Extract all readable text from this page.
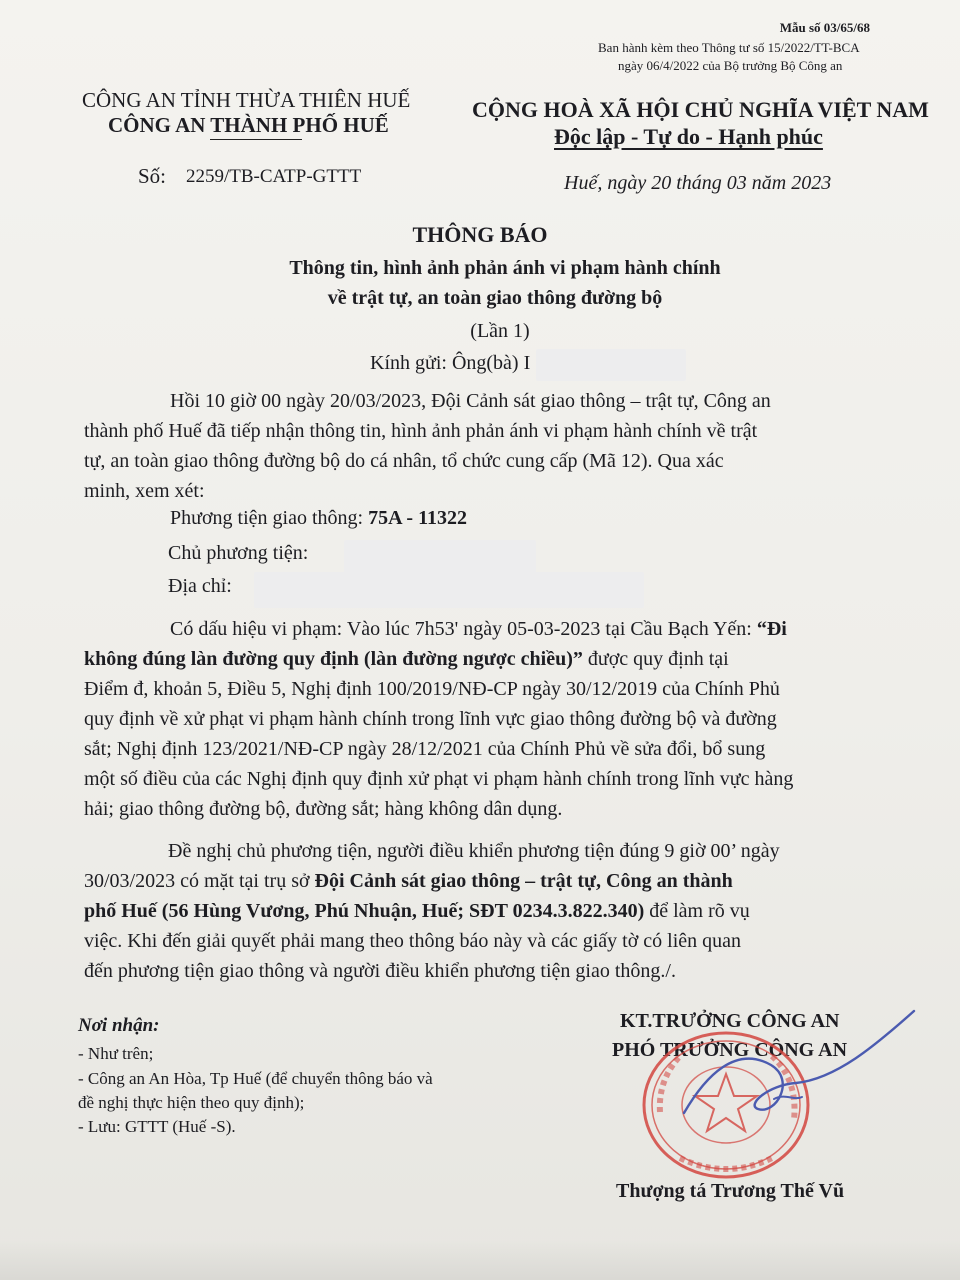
Mẫu số 03/65/68
Ban hành kèm theo Thông tư số 15/2022/TT-BCA
ngày 06/4/2022 của Bộ trưởng Bộ Công an
CÔNG AN TỈNH THỪA THIÊN HUẾ
CÔNG AN THÀNH PHỐ HUẾ
CỘNG HOÀ XÃ HỘI CHỦ NGHĨA VIỆT NAM
Độc lập - Tự do - Hạnh phúc
Số: 2259/TB-CATP-GTTT	Huế, ngày 20 tháng 03 năm 2023
THÔNG BÁO
Thông tin, hình ảnh phản ánh vi phạm hành chính
về trật tự, an toàn giao thông đường bộ
(Lần 1)
Kính gửi: Ông(bà) I
Hồi 10 giờ 00 ngày 20/03/2023, Đội Cảnh sát giao thông – trật tự, Công an
thành phố Huế đã tiếp nhận thông tin, hình ảnh phản ánh vi phạm hành chính về trật
tự, an toàn giao thông đường bộ do cá nhân, tổ chức cung cấp (Mã 12). Qua xác
minh, xem xét:
Phương tiện giao thông: 75A - 11322
Chủ phương tiện:
Địa chỉ:
Có dấu hiệu vi phạm: Vào lúc 7h53' ngày 05-03-2023 tại Cầu Bạch Yến: “Đi
không đúng làn đường quy định (làn đường ngược chiều)” được quy định tại
Điểm đ, khoản 5, Điều 5, Nghị định 100/2019/NĐ-CP ngày 30/12/2019 của Chính Phủ
quy định về xử phạt vi phạm hành chính trong lĩnh vực giao thông đường bộ và đường
sắt; Nghị định 123/2021/NĐ-CP ngày 28/12/2021 của Chính Phủ về sửa đổi, bổ sung
một số điều của các Nghị định quy định xử phạt vi phạm hành chính trong lĩnh vực hàng
hải; giao thông đường bộ, đường sắt; hàng không dân dụng.
Đề nghị chủ phương tiện, người điều khiển phương tiện đúng 9 giờ 00’ ngày
30/03/2023 có mặt tại trụ sở Đội Cảnh sát giao thông – trật tự, Công an thành
phố Huế (56 Hùng Vương, Phú Nhuận, Huế; SĐT 0234.3.822.340) để làm rõ vụ
việc. Khi đến giải quyết phải mang theo thông báo này và các giấy tờ có liên quan
đến phương tiện giao thông và người điều khiển phương tiện giao thông./.
Nơi nhận:
- Như trên;
- Công an An Hòa, Tp Huế (để chuyển thông báo và
đề nghị thực hiện theo quy định);
- Lưu: GTTT (Huế -S).
KT.TRƯỞNG CÔNG AN
PHÓ TRƯỞNG CÔNG AN
Thượng tá Trương Thế Vũ
